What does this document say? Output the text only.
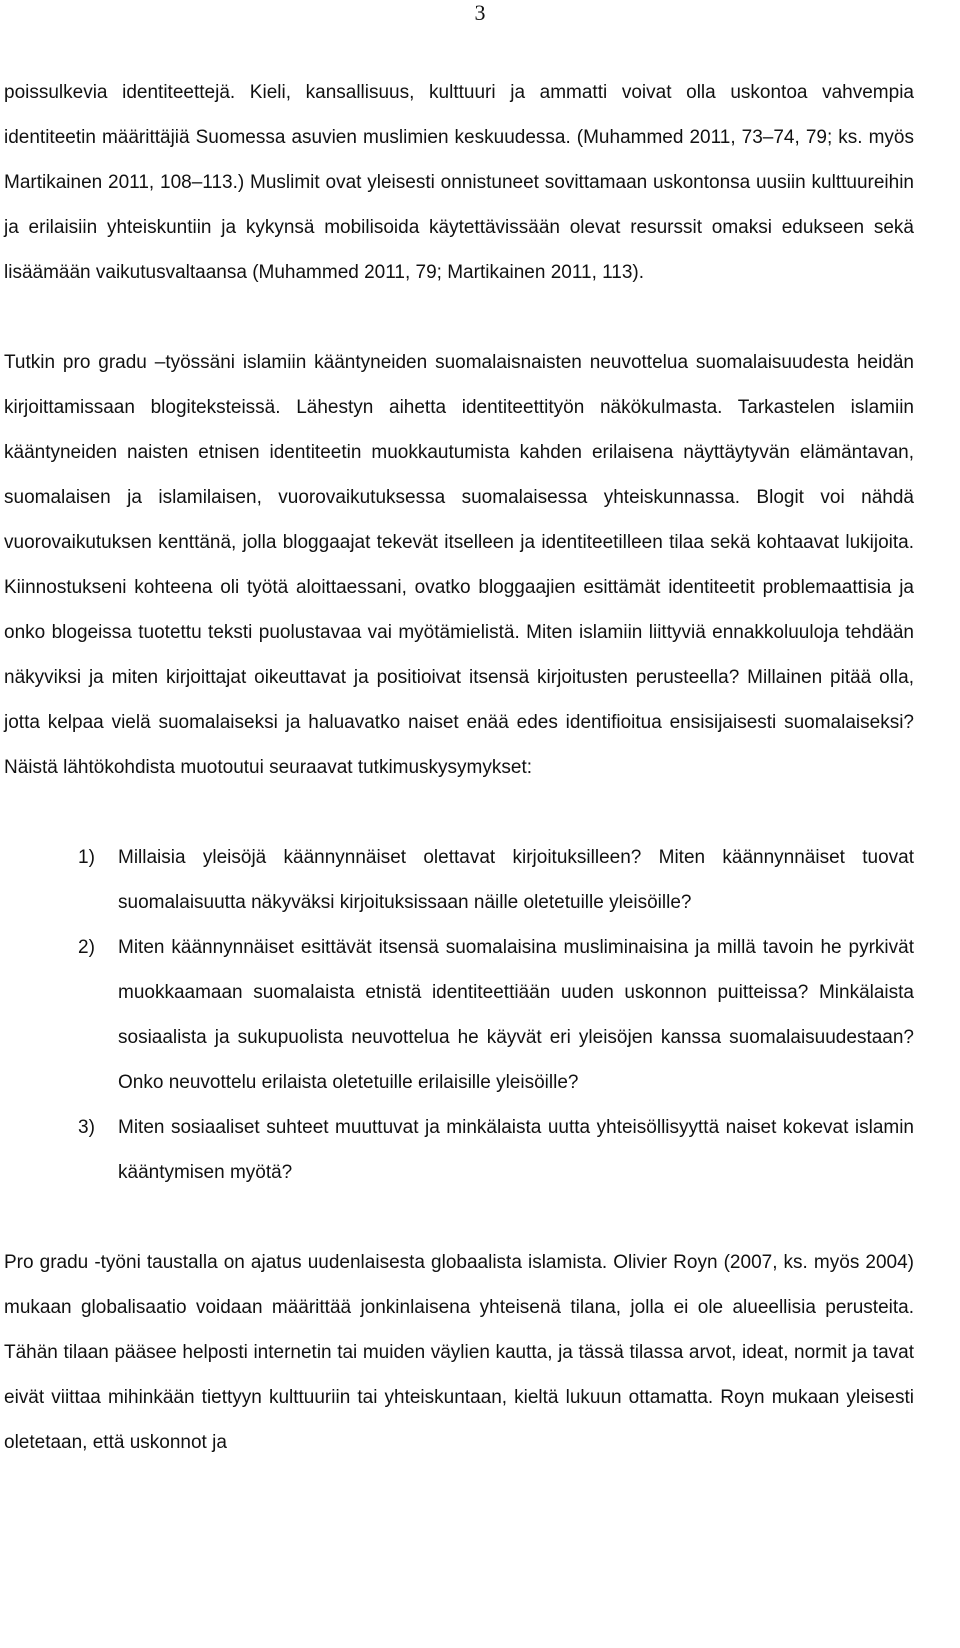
3

poissulkevia identiteettejä. Kieli, kansallisuus, kulttuuri ja ammatti voivat olla uskontoa vahvempia identiteetin määrittäjiä Suomessa asuvien muslimien keskuudessa. (Muhammed 2011, 73–74, 79; ks. myös Martikainen 2011, 108–113.) Muslimit ovat yleisesti onnistuneet sovittamaan uskontonsa uusiin kulttuureihin ja erilaisiin yhteiskuntiin ja kykynsä mobilisoida käytettävissään olevat resurssit omaksi edukseen sekä lisäämään vaikutusvaltaansa (Muhammed 2011, 79; Martikainen 2011, 113).

Tutkin pro gradu –työssäni islamiin kääntyneiden suomalaisnaisten neuvottelua suomalaisuudesta heidän kirjoittamissaan blogiteksteissä. Lähestyn aihetta identiteettityön näkökulmasta. Tarkastelen islamiin kääntyneiden naisten etnisen identiteetin muokkautumista kahden erilaisena näyttäytyvän elämäntavan, suomalaisen ja islamilaisen, vuorovaikutuksessa suomalaisessa yhteiskunnassa. Blogit voi nähdä vuorovaikutuksen kenttänä, jolla bloggaajat tekevät itselleen ja identiteetilleen tilaa sekä kohtaavat lukijoita. Kiinnostukseni kohteena oli työtä aloittaessani, ovatko bloggaajien esittämät identiteetit problemaattisia ja onko blogeissa tuotettu teksti puolustavaa vai myötämielistä. Miten islamiin liittyviä ennakkoluuloja tehdään näkyviksi ja miten kirjoittajat oikeuttavat ja positioivat itsensä kirjoitusten perusteella? Millainen pitää olla, jotta kelpaa vielä suomalaiseksi ja haluavatko naiset enää edes identifioitua ensisijaisesti suomalaiseksi? Näistä lähtökohdista muotoutui seuraavat tutkimuskysymykset:

1) Millaisia yleisöjä käännynnäiset olettavat kirjoituksilleen? Miten käännynnäiset tuovat suomalaisuutta näkyväksi kirjoituksissaan näille oletetuille yleisöille?
2) Miten käännynnäiset esittävät itsensä suomalaisina musliminaisina ja millä tavoin he pyrkivät muokkaamaan suomalaista etnistä identiteettiään uuden uskonnon puitteissa? Minkälaista sosiaalista ja sukupuolista neuvottelua he käyvät eri yleisöjen kanssa suomalaisuudestaan? Onko neuvottelu erilaista oletetuille erilaisille yleisöille?
3) Miten sosiaaliset suhteet muuttuvat ja minkälaista uutta yhteisöllisyyttä naiset kokevat islamin kääntymisen myötä?

Pro gradu -työni taustalla on ajatus uudenlaisesta globaalista islamista. Olivier Royn (2007, ks. myös 2004) mukaan globalisaatio voidaan määrittää jonkinlaisena yhteisenä tilana, jolla ei ole alueellisia perusteita. Tähän tilaan pääsee helposti internetin tai muiden väylien kautta, ja tässä tilassa arvot, ideat, normit ja tavat eivät viittaa mihinkään tiettyyn kulttuuriin tai yhteiskuntaan, kieltä lukuun ottamatta. Royn mukaan yleisesti oletetaan, että uskonnot ja
